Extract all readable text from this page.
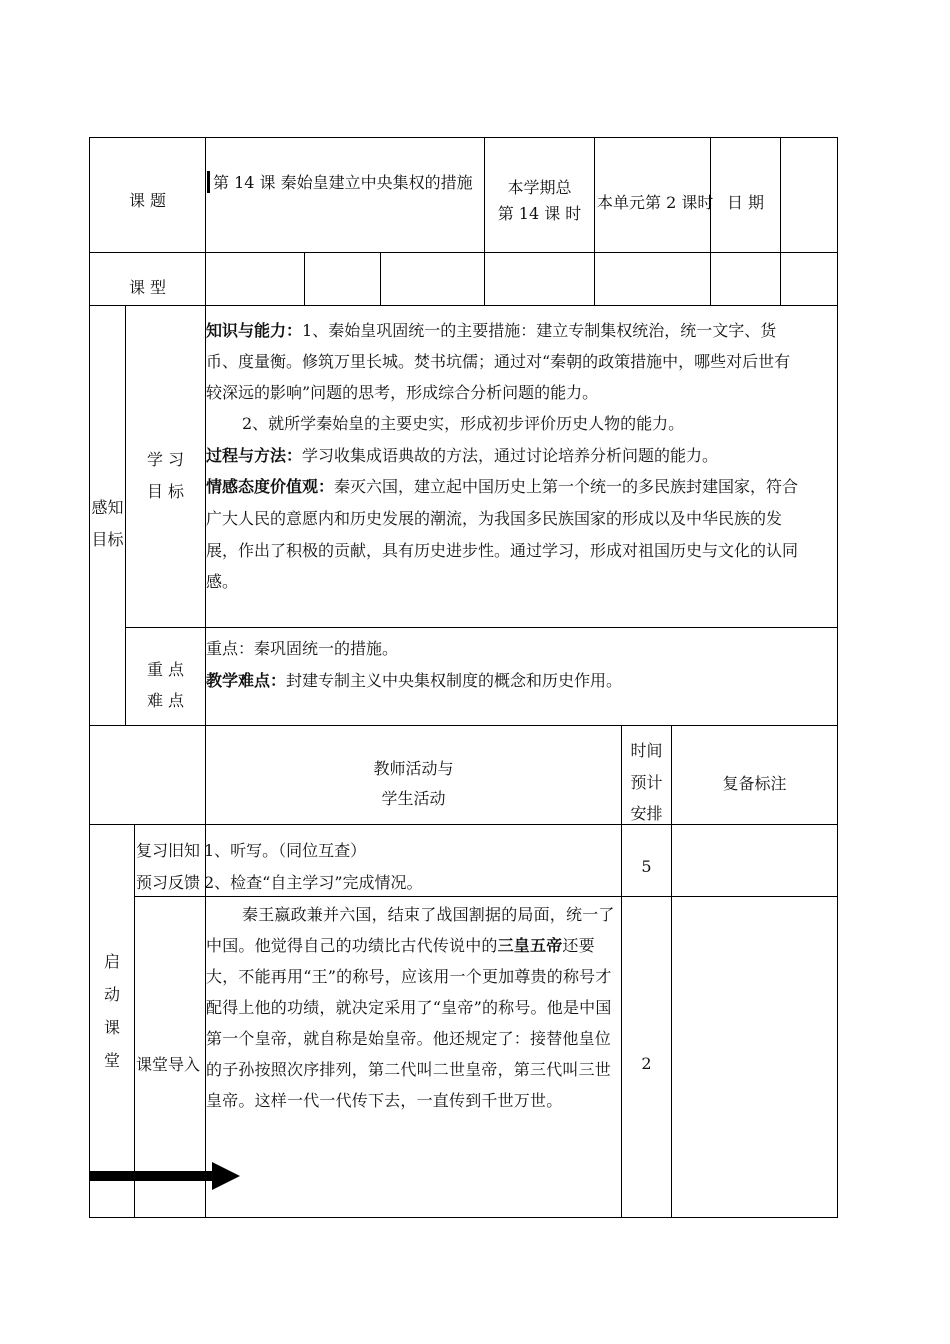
课 题
第 14 课 秦始皇建立中央集权的措施	本学期总
第 14 课 时
本单元第 2 课时 日 期
课 型
感知
目标
学 习
目 标
知识与能力：1、秦始皇巩固统一的主要措施：建立专制集权统治，统一文字、货
币、度量衡。修筑万里长城。焚书坑儒；通过对“秦朝的政策措施中，哪些对后世有
较深远的影响”问题的思考，形成综合分析问题的能力。
2、就所学秦始皇的主要史实，形成初步评价历史人物的能力。
过程与方法：学习收集成语典故的方法，通过讨论培养分析问题的能力。
情感态度价值观：秦灭六国，建立起中国历史上第一个统一的多民族封建国家，符合
广大人民的意愿内和历史发展的潮流，为我国多民族国家的形成以及中华民族的发
展，作出了积极的贡献，具有历史进步性。通过学习，形成对祖国历史与文化的认同
感。
重 点
难 点
重点：秦巩固统一的措施。
教学难点：封建专制主义中央集权制度的概念和历史作用。
教师活动与
学生活动
时间
预计
安排
复备标注
启
动
课
堂
复习旧知
预习反馈
1、听写。（同位互查）
2、检查“自主学习”完成情况。
5
课堂导入
秦王嬴政兼并六国，结束了战国割据的局面，统一了中国。他觉得自己的功绩比古代传说中的三皇五帝还要大，不能再用“王”的称号，应该用一个更加尊贵的称号才配得上他的功绩，就决定采用了“皇帝”的称号。他是中国第一个皇帝，就自称是始皇帝。他还规定了：接替他皇位的子孙按照次序排列，第二代叫二世皇帝，第三代叫三世皇帝。这样一代一代传下去，一直传到千世万世。
2
